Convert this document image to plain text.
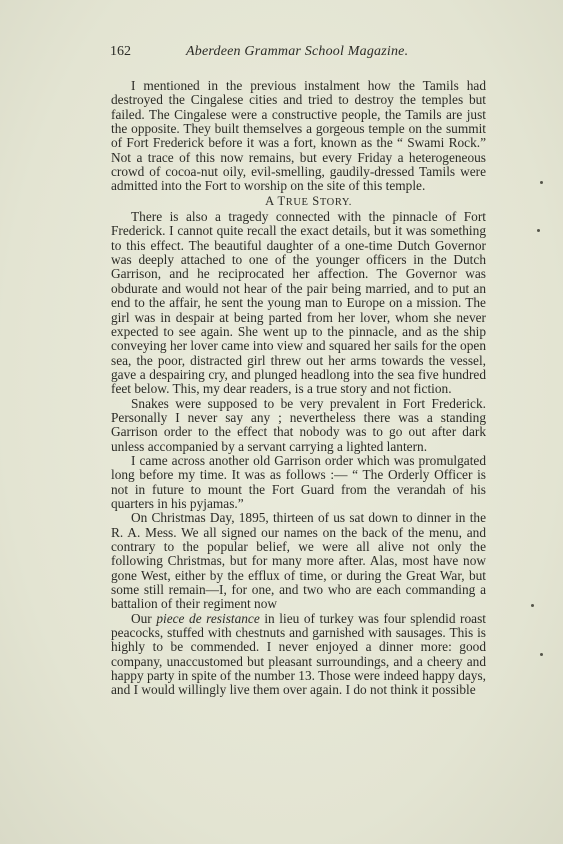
162	Aberdeen Grammar School Magazine.

I mentioned in the previous instalment how the Tamils had destroyed the Cingalese cities and tried to destroy the temples but failed. The Cingalese were a constructive people, the Tamils are just the opposite. They built themselves a gorgeous temple on the summit of Fort Frederick before it was a fort, known as the “ Swami Rock.” Not a trace of this now remains, but every Friday a heterogeneous crowd of cocoa-nut oily, evil-smelling, gaudily-dressed Tamils were admitted into the Fort to worship on the site of this temple.

A TRUE STORY.

There is also a tragedy connected with the pinnacle of Fort Frederick. I cannot quite recall the exact details, but it was something to this effect. The beautiful daughter of a one-time Dutch Governor was deeply attached to one of the younger officers in the Dutch Garrison, and he reciprocated her affection. The Governor was obdurate and would not hear of the pair being married, and to put an end to the affair, he sent the young man to Europe on a mission. The girl was in despair at being parted from her lover, whom she never expected to see again. She went up to the pinnacle, and as the ship conveying her lover came into view and squared her sails for the open sea, the poor, distracted girl threw out her arms towards the vessel, gave a despairing cry, and plunged headlong into the sea five hundred feet below. This, my dear readers, is a true story and not fiction.

Snakes were supposed to be very prevalent in Fort Frederick. Personally I never say any ; nevertheless there was a standing Garrison order to the effect that nobody was to go out after dark unless accompanied by a servant carrying a lighted lantern.

I came across another old Garrison order which was promulgated long before my time. It was as follows :— “ The Orderly Officer is not in future to mount the Fort Guard from the verandah of his quarters in his pyjamas.”

On Christmas Day, 1895, thirteen of us sat down to dinner in the R. A. Mess. We all signed our names on the back of the menu, and contrary to the popular belief, we were all alive not only the following Christmas, but for many more after. Alas, most have now gone West, either by the efflux of time, or during the Great War, but some still remain—I, for one, and two who are each commanding a battalion of their regiment now

Our piece de resistance in lieu of turkey was four splendid roast peacocks, stuffed with chestnuts and garnished with sausages. This is highly to be commended. I never enjoyed a dinner more: good company, unaccustomed but pleasant surroundings, and a cheery and happy party in spite of the number 13. Those were indeed happy days, and I would willingly live them over again. I do not think it possible
